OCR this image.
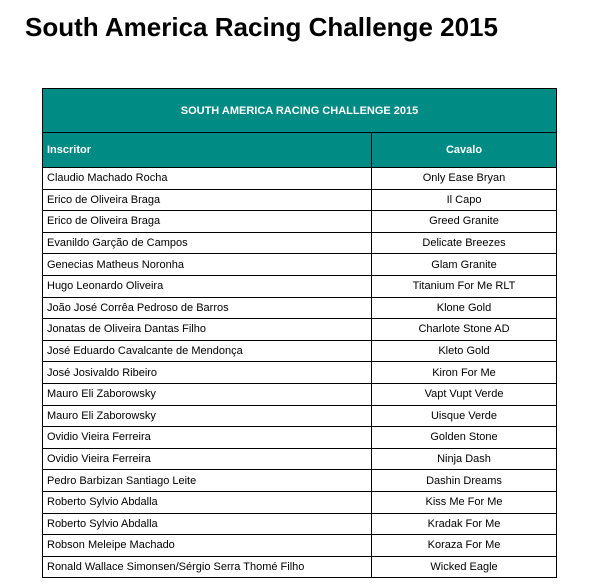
South America Racing Challenge 2015
SOUTH AMERICA RACING CHALLENGE 2015	
Inscritor	Cavalo
Claudio Machado Rocha	Only Ease Bryan
Erico de Oliveira Braga	Il Capo
Erico de Oliveira Braga	Greed Granite
Evanildo Garção de Campos	Delicate Breezes
Genecias Matheus Noronha	Glam Granite
Hugo Leonardo Oliveira	Titanium For Me RLT
João José Corrêa Pedroso de Barros	Klone Gold
Jonatas de Oliveira Dantas Filho	Charlote Stone AD
José Eduardo Cavalcante de Mendonça	Kleto Gold
José Josivaldo Ribeiro	Kiron For Me
Mauro Eli Zaborowsky	Vapt Vupt Verde
Mauro Eli Zaborowsky	Uisque Verde
Ovidio Vieira Ferreira	Golden Stone
Ovidio Vieira Ferreira	Ninja Dash
Pedro Barbizan Santiago Leite	Dashin Dreams
Roberto Sylvio Abdalla	Kiss Me For Me
Roberto Sylvio Abdalla	Kradak For Me
Robson Meleipe Machado	Koraza For Me
Ronald Wallace Simonsen/Sérgio Serra Thomé Filho	Wicked Eagle
